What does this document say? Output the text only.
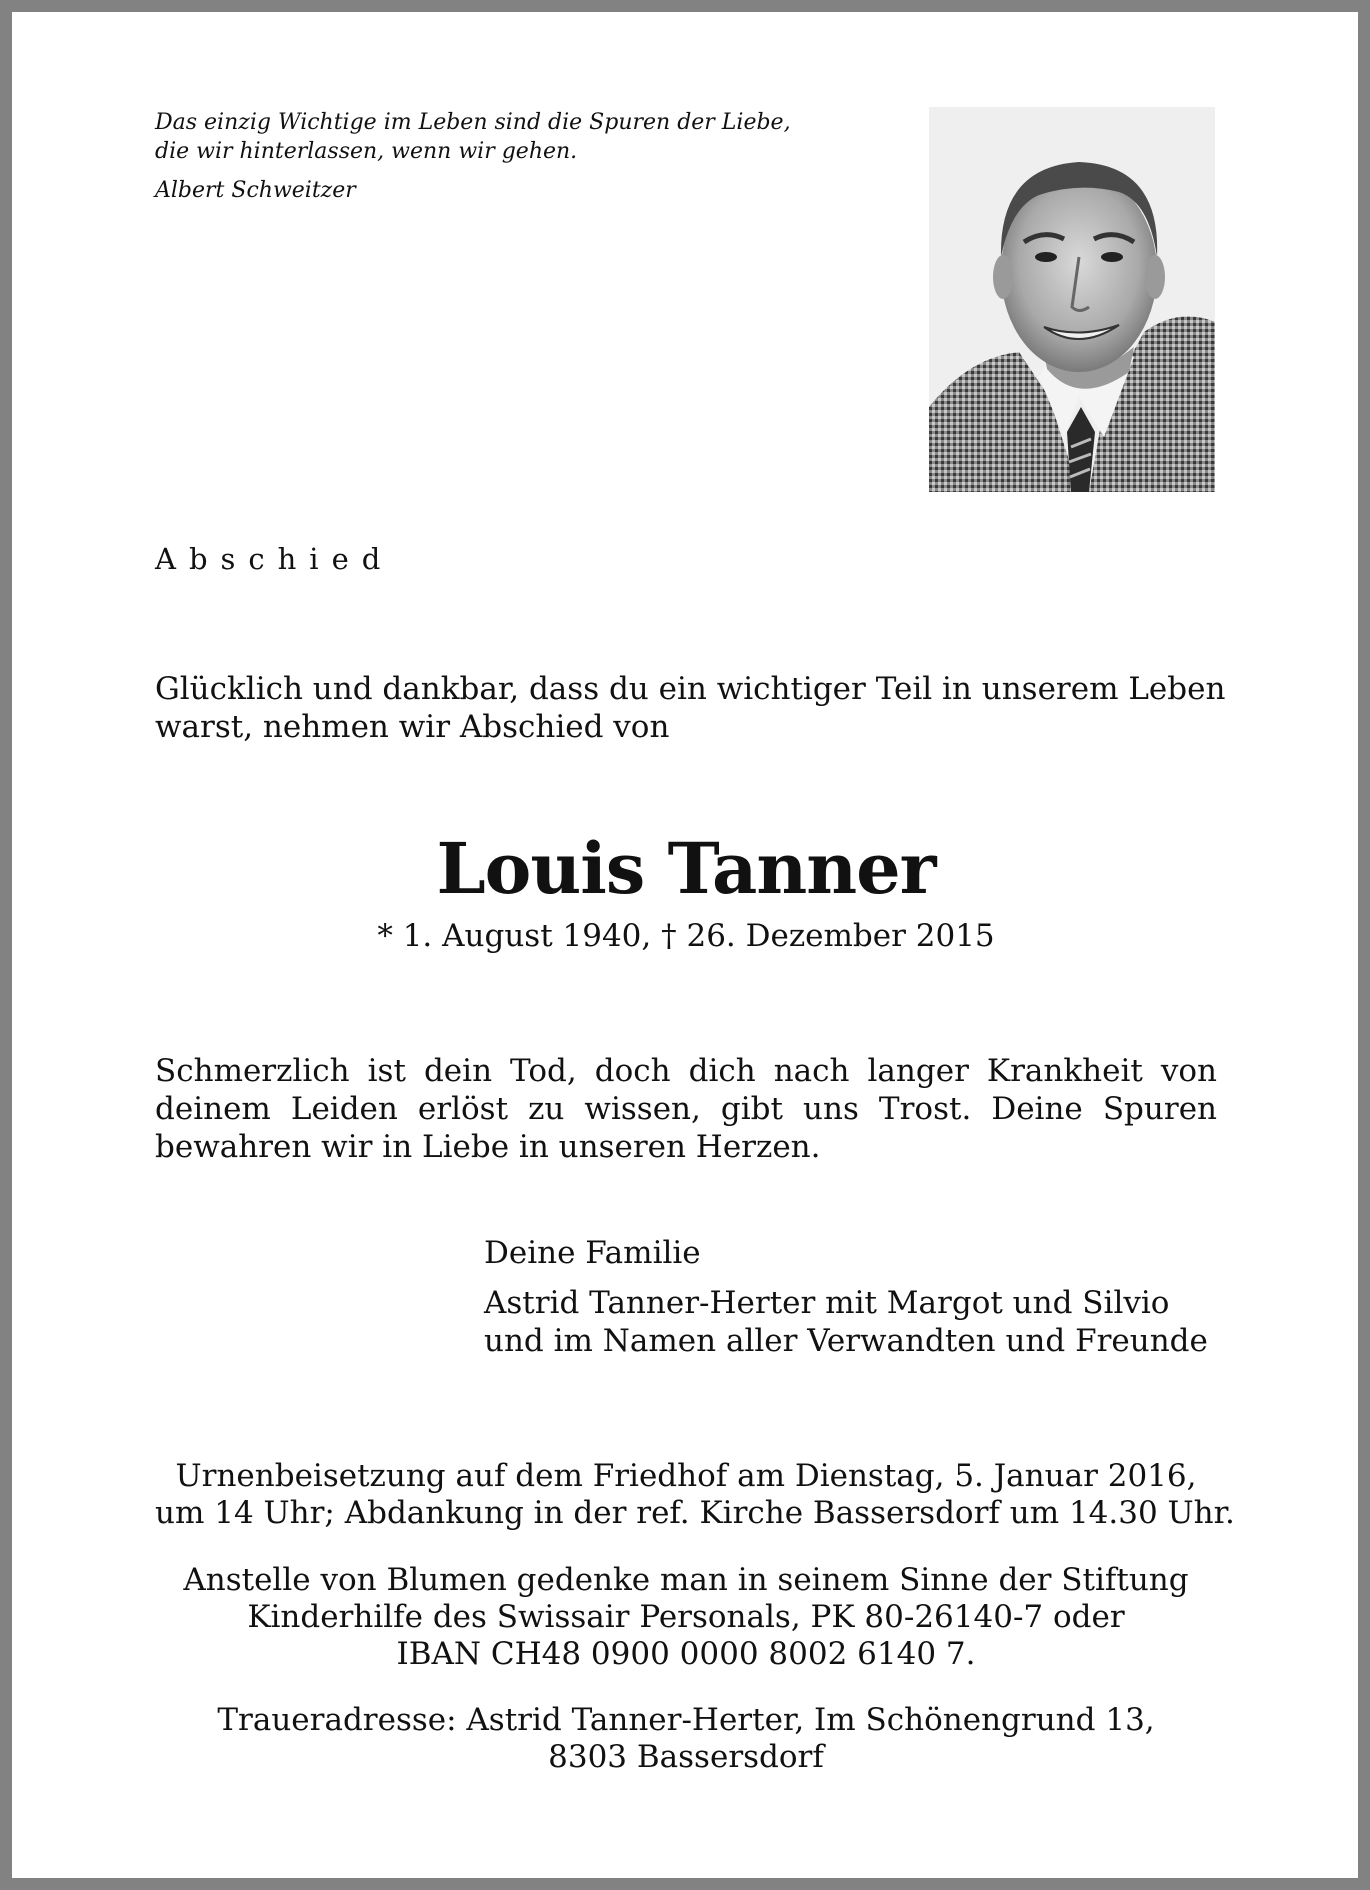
Das einzig Wichtige im Leben sind die Spuren der Liebe,
die wir hinterlassen, wenn wir gehen.
Albert Schweitzer
Abschied
Glücklich und dankbar, dass du ein wichtiger Teil in unserem Leben
warst, nehmen wir Abschied von
Louis Tanner
* 1. August 1940, † 26. Dezember 2015
Schmerzlich ist dein Tod, doch dich nach langer Krankheit von deinem Leiden erlöst zu wissen, gibt uns Trost. Deine Spuren bewahren wir in Liebe in unseren Herzen.
Deine Familie
Astrid Tanner-Herter mit Margot und Silvio
und im Namen aller Verwandten und Freunde
Urnenbeisetzung auf dem Friedhof am Dienstag, 5. Januar 2016,
um 14 Uhr; Abdankung in der ref. Kirche Bassersdorf um 14.30 Uhr.
Anstelle von Blumen gedenke man in seinem Sinne der Stiftung
Kinderhilfe des Swissair Personals, PK 80-26140-7 oder
IBAN CH48 0900 0000 8002 6140 7.
Traueradresse: Astrid Tanner-Herter, Im Schönengrund 13,
8303 Bassersdorf
